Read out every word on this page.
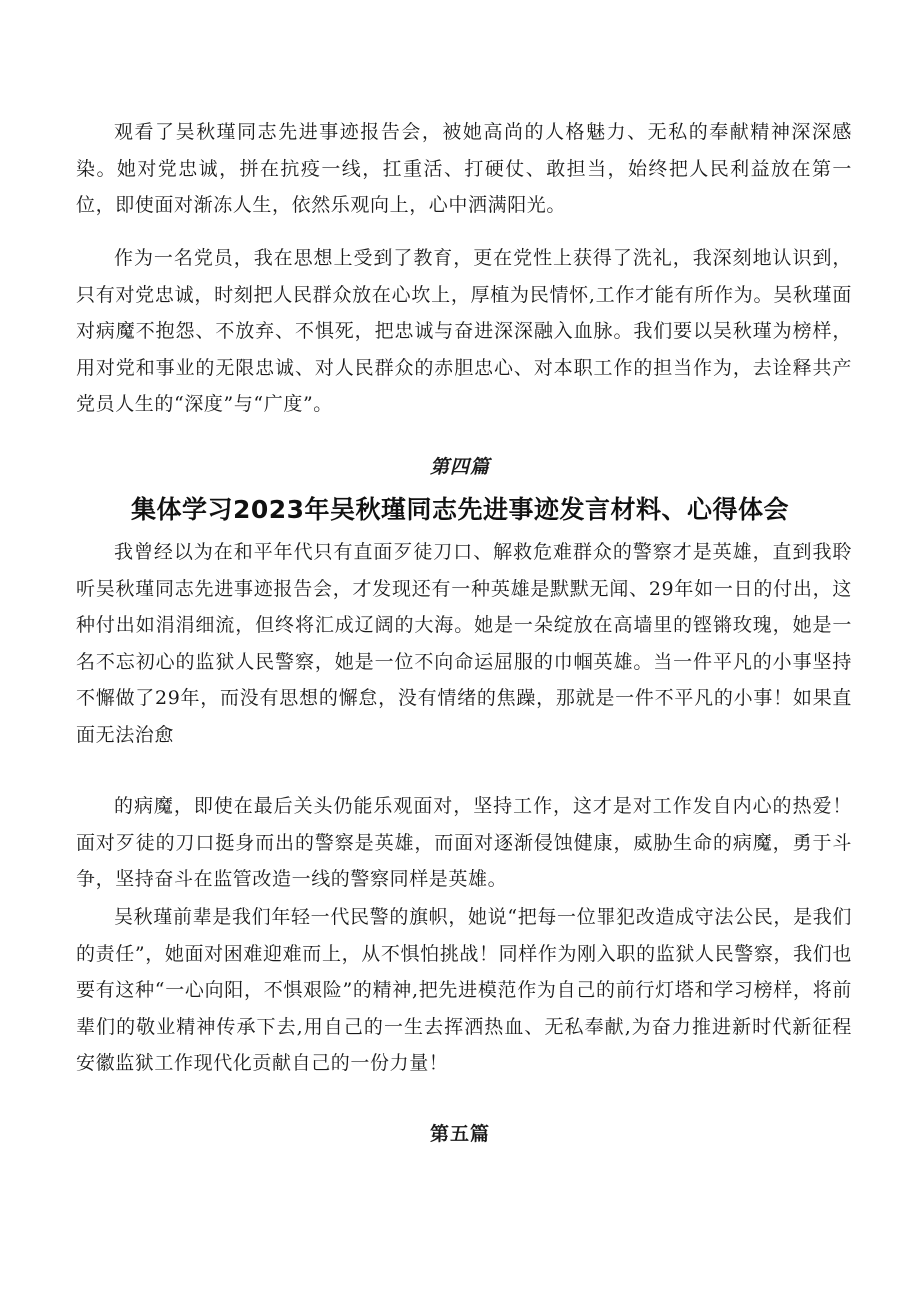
观看了吴秋瑾同志先进事迹报告会，被她高尚的人格魅力、无私的奉献精神深深感染。她对党忠诚，拼在抗疫一线，扛重活、打硬仗、敢担当，始终把人民利益放在第一位，即使面对渐冻人生，依然乐观向上，心中洒满阳光。

作为一名党员，我在思想上受到了教育，更在党性上获得了洗礼，我深刻地认识到，只有对党忠诚，时刻把人民群众放在心坎上，厚植为民情怀,工作才能有所作为。吴秋瑾面对病魔不抱怨、不放弃、不惧死，把忠诚与奋进深深融入血脉。我们要以吴秋瑾为榜样，用对党和事业的无限忠诚、对人民群众的赤胆忠心、对本职工作的担当作为，去诠释共产党员人生的“深度”与“广度”。

第四篇
集体学习2023年吴秋瑾同志先进事迹发言材料、心得体会

我曾经以为在和平年代只有直面歹徒刀口、解救危难群众的警察才是英雄，直到我聆听吴秋瑾同志先进事迹报告会，才发现还有一种英雄是默默无闻、29年如一日的付出，这种付出如涓涓细流，但终将汇成辽阔的大海。她是一朵绽放在高墙里的铿锵玫瑰，她是一名不忘初心的监狱人民警察，她是一位不向命运屈服的巾帼英雄。当一件平凡的小事坚持不懈做了29年，而没有思想的懈怠，没有情绪的焦躁，那就是一件不平凡的小事！如果直面无法治愈

的病魔，即使在最后关头仍能乐观面对，坚持工作，这才是对工作发自内心的热爱！面对歹徒的刀口挺身而出的警察是英雄，而面对逐渐侵蚀健康，威胁生命的病魔，勇于斗争，坚持奋斗在监管改造一线的警察同样是英雄。

吴秋瑾前辈是我们年轻一代民警的旗帜，她说“把每一位罪犯改造成守法公民，是我们的责任”，她面对困难迎难而上，从不惧怕挑战！同样作为刚入职的监狱人民警察，我们也要有这种“一心向阳，不惧艰险”的精神,把先进模范作为自己的前行灯塔和学习榜样，将前辈们的敬业精神传承下去,用自己的一生去挥洒热血、无私奉献,为奋力推进新时代新征程安徽监狱工作现代化贡献自己的一份力量！

第五篇
